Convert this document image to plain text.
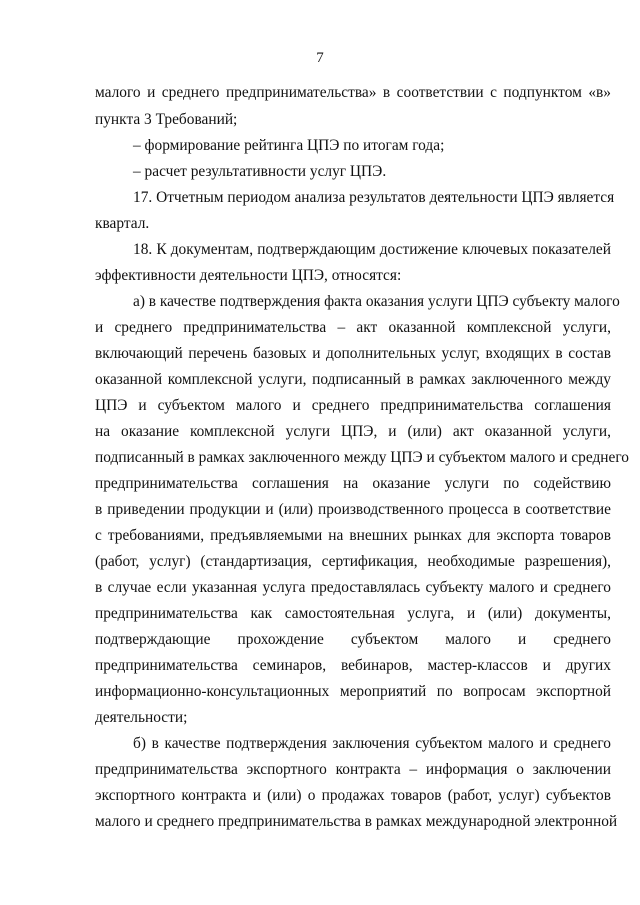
7
малого и среднего предпринимательства» в соответствии с подпунктом «в»
пункта 3 Требований;
– формирование рейтинга ЦПЭ по итогам года;
– расчет результативности услуг ЦПЭ.
17. Отчетным периодом анализа результатов деятельности ЦПЭ является
квартал.
18. К документам, подтверждающим достижение ключевых показателей
эффективности деятельности ЦПЭ, относятся:
а) в качестве подтверждения факта оказания услуги ЦПЭ субъекту малого
и среднего предпринимательства – акт оказанной комплексной услуги,
включающий перечень базовых и дополнительных услуг, входящих в состав
оказанной комплексной услуги, подписанный в рамках заключенного между
ЦПЭ и субъектом малого и среднего предпринимательства соглашения
на оказание комплексной услуги ЦПЭ, и (или) акт оказанной услуги,
подписанный в рамках заключенного между ЦПЭ и субъектом малого и среднего
предпринимательства соглашения на оказание услуги по содействию
в приведении продукции и (или) производственного процесса в соответствие
с требованиями, предъявляемыми на внешних рынках для экспорта товаров
(работ, услуг) (стандартизация, сертификация, необходимые разрешения),
в случае если указанная услуга предоставлялась субъекту малого и среднего
предпринимательства как самостоятельная услуга, и (или) документы,
подтверждающие прохождение субъектом малого и среднего
предпринимательства семинаров, вебинаров, мастер-классов и других
информационно-консультационных мероприятий по вопросам экспортной
деятельности;
б) в качестве подтверждения заключения субъектом малого и среднего
предпринимательства экспортного контракта – информация о заключении
экспортного контракта и (или) о продажах товаров (работ, услуг) субъектов
малого и среднего предпринимательства в рамках международной электронной
